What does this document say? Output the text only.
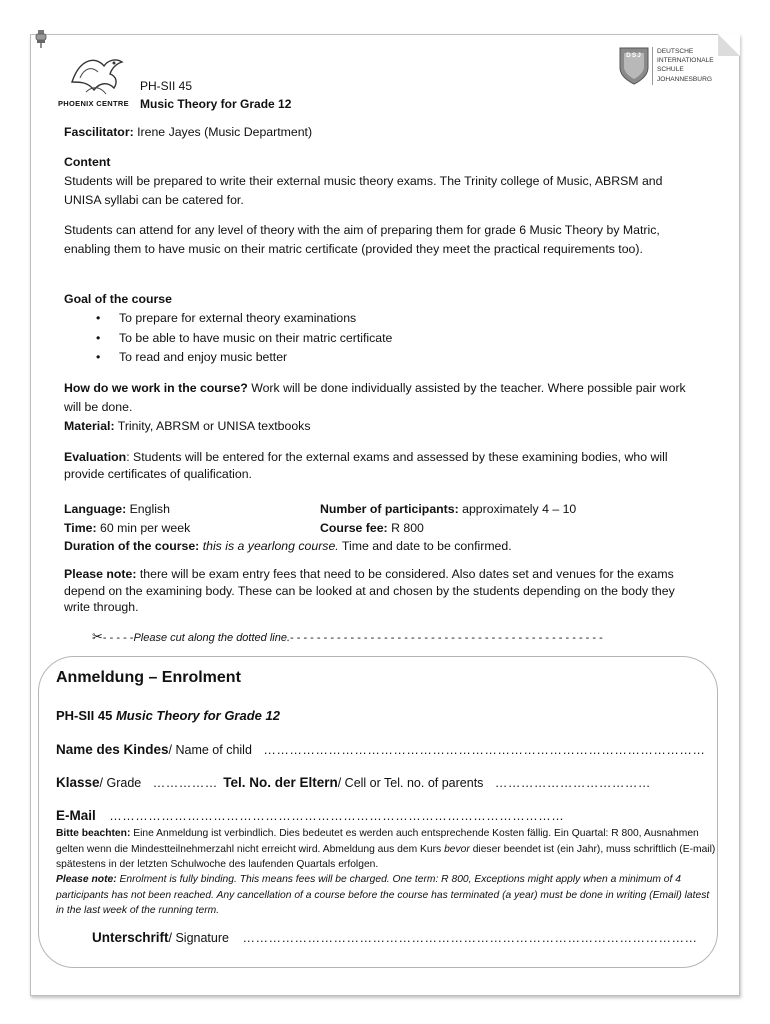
PHOENIX CENTRE
PH-SII 45
Music Theory for Grade 12
DSJ
DEUTSCHE
INTERNATIONALE
SCHULE
JOHANNESBURG

Fascilitator: Irene Jayes (Music Department)

Content

Students will be prepared to write their external music theory exams. The Trinity college of Music, ABRSM and UNISA syllabi can be catered for.

Students can attend for any level of theory with the aim of preparing them for grade 6 Music Theory by Matric, enabling them to have music on their matric certificate (provided they meet the practical requirements too).

Goal of the course

• To prepare for external theory examinations
• To be able to have music on their matric certificate
• To read and enjoy music better

How do we work in the course? Work will be done individually assisted by the teacher. Where possible pair work will be done.

Material: Trinity, ABRSM or UNISA textbooks

Evaluation: Students will be entered for the external exams and assessed by these examining bodies, who will provide certificates of qualification.

Language: English	Number of participants: approximately 4 – 10

Time: 60 min per week	Course fee: R 800

Duration of the course: this is a yearlong course. Time and date to be confirmed.

Please note: there will be exam entry fees that need to be considered. Also dates set and venues for the exams depend on the examining body. These can be looked at and chosen by the students depending on the body they write through.

✂- - - - -Please cut along the dotted line.- - - - - - - - - - - - - - - - - - - - - - - - - - - - - - - - - - - - - - - - - - - - - - -

Anmeldung – Enrolment

PH-SII 45 Music Theory for Grade 12

Name des Kindes/ Name of child …………………………………………………………………………………………

Klasse/ Grade …………… Tel. No. der Eltern/ Cell or Tel. no. of parents ………………………………

E-Mail ……………………………………………………………………………………………

Bitte beachten: Eine Anmeldung ist verbindlich. Dies bedeutet es werden auch entsprechende Kosten fällig. Ein Quartal: R 800, Ausnahmen gelten wenn die Mindestteilnehmerzahl nicht erreicht wird. Abmeldung aus dem Kurs bevor dieser beendet ist (ein Jahr), muss schriftlich (E-mail) spätestens in der letzten Schulwoche des laufenden Quartals erfolgen.

Please note: Enrolment is fully binding. This means fees will be charged. One term: R 800, Exceptions might apply when a minimum of 4 participants has not been reached. Any cancellation of a course before the course has terminated (a year) must be done in writing (Email) latest in the last week of the running term.

Unterschrift/ Signature ……………………………………………………………………………………………
